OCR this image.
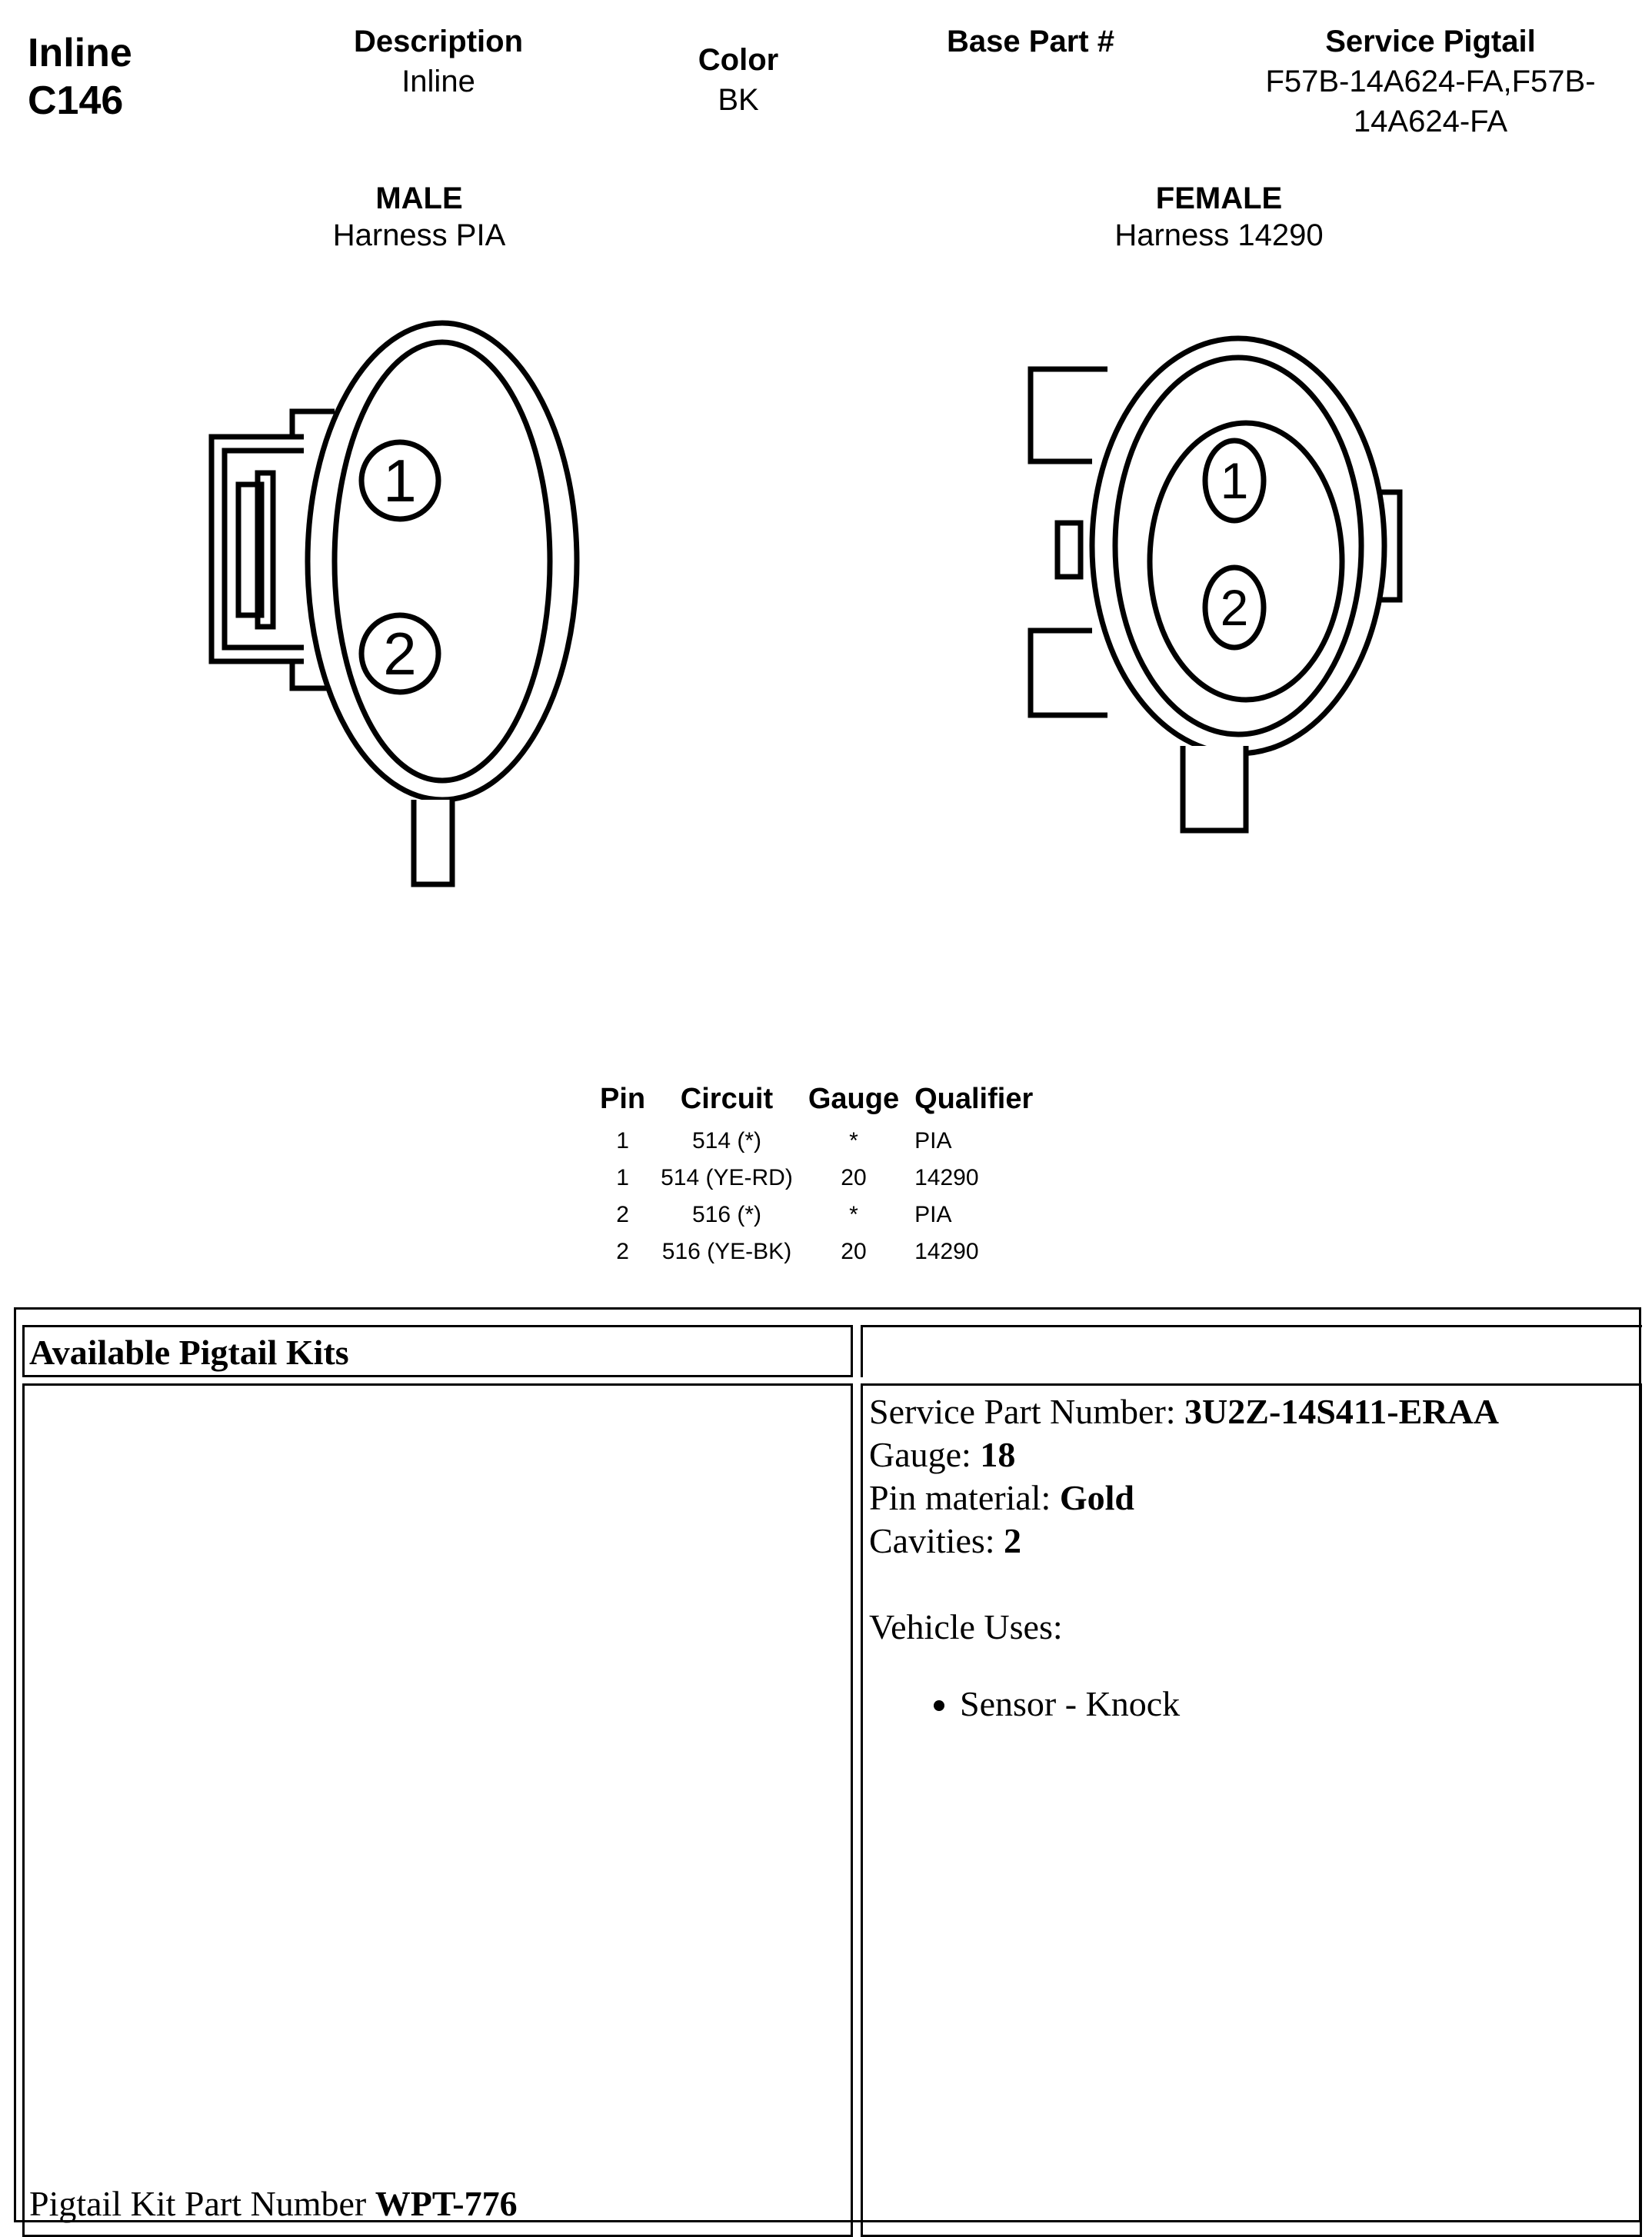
Inline
C146
Description
Inline
Color
BK
Base Part #	Service Pigtail
F57B-14A624-FA,F57B-
14A624-FA
MALE
Harness PIA
FEMALE
Harness 14290
1
2
1
2
Pin	Circuit	Gauge	Qualifier
1	514 (*)	*	PIA
1	514 (YE-RD)	20	14290
2	516 (*)	*	PIA
2	516 (YE-BK)	20	14290
Available Pigtail Kits
Pigtail Kit Part Number WPT-776
Service Part Number: 3U2Z-14S411-ERAA
Gauge: 18
Pin material: Gold
Cavities: 2
Vehicle Uses:
• Sensor - Knock
